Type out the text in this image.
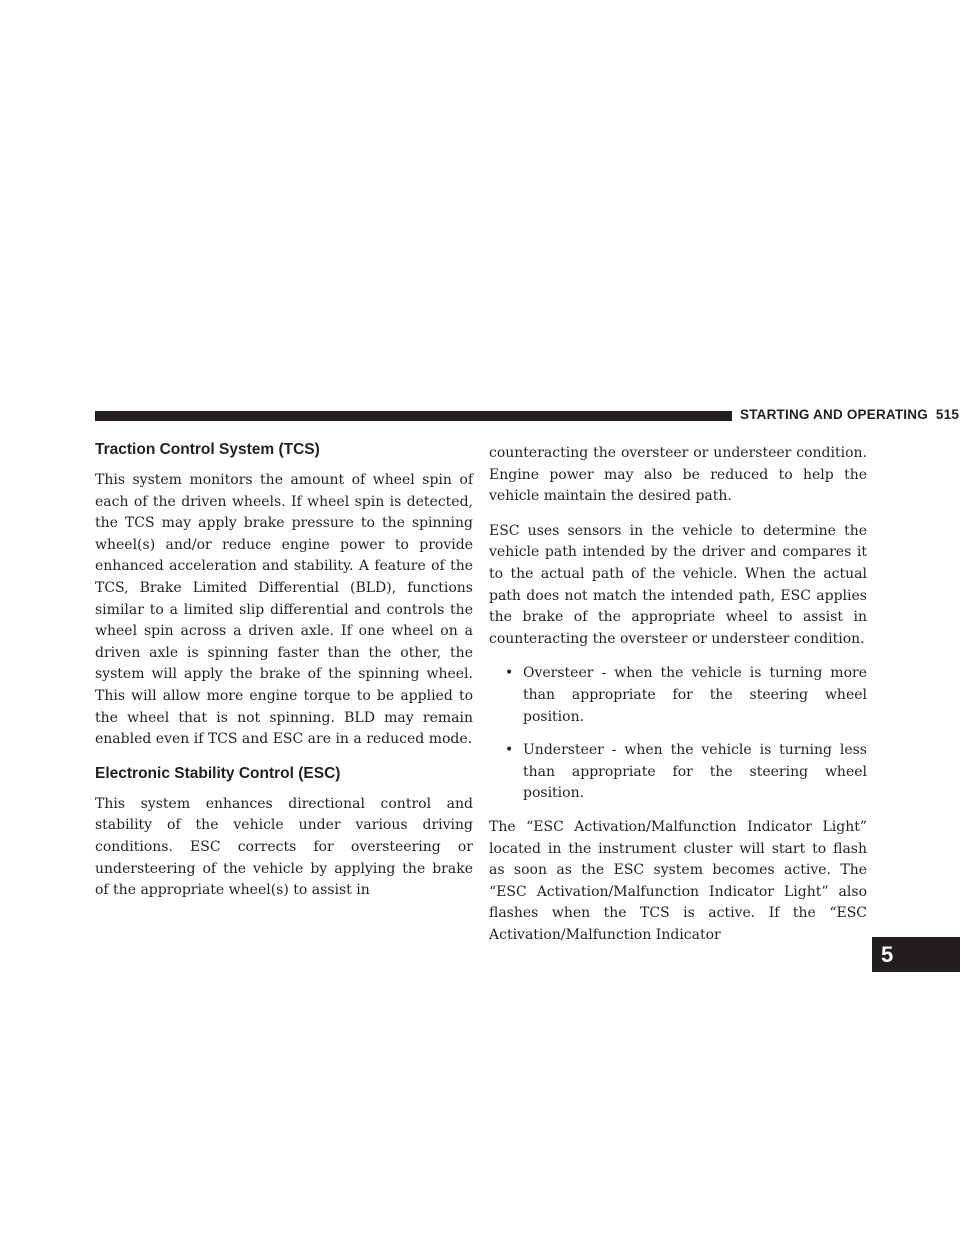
STARTING AND OPERATING 515
5
Traction Control System (TCS)

This system monitors the amount of wheel spin of each of the driven wheels. If wheel spin is detected, the TCS may apply brake pressure to the spinning wheel(s) and/or reduce engine power to provide enhanced acceleration and stability. A feature of the TCS, Brake Limited Differential (BLD), functions similar to a limited slip differential and controls the wheel spin across a driven axle. If one wheel on a driven axle is spinning faster than the other, the system will apply the brake of the spinning wheel. This will allow more engine torque to be applied to the wheel that is not spinning. BLD may remain enabled even if TCS and ESC are in a reduced mode.

Electronic Stability Control (ESC)

This system enhances directional control and stability of the vehicle under various driving conditions. ESC corrects for oversteering or understeering of the vehicle by applying the brake of the appropriate wheel(s) to assist in

counteracting the oversteer or understeer condition. Engine power may also be reduced to help the vehicle maintain the desired path.

ESC uses sensors in the vehicle to determine the vehicle path intended by the driver and compares it to the actual path of the vehicle. When the actual path does not match the intended path, ESC applies the brake of the appropriate wheel to assist in counteracting the oversteer or understeer condition.

• Oversteer - when the vehicle is turning more than appropriate for the steering wheel position.
• Understeer - when the vehicle is turning less than appropriate for the steering wheel position.

The “ESC Activation/Malfunction Indicator Light” located in the instrument cluster will start to flash as soon as the ESC system becomes active. The “ESC Activation/Malfunction Indicator Light” also flashes when the TCS is active. If the “ESC Activation/Malfunction Indicator
